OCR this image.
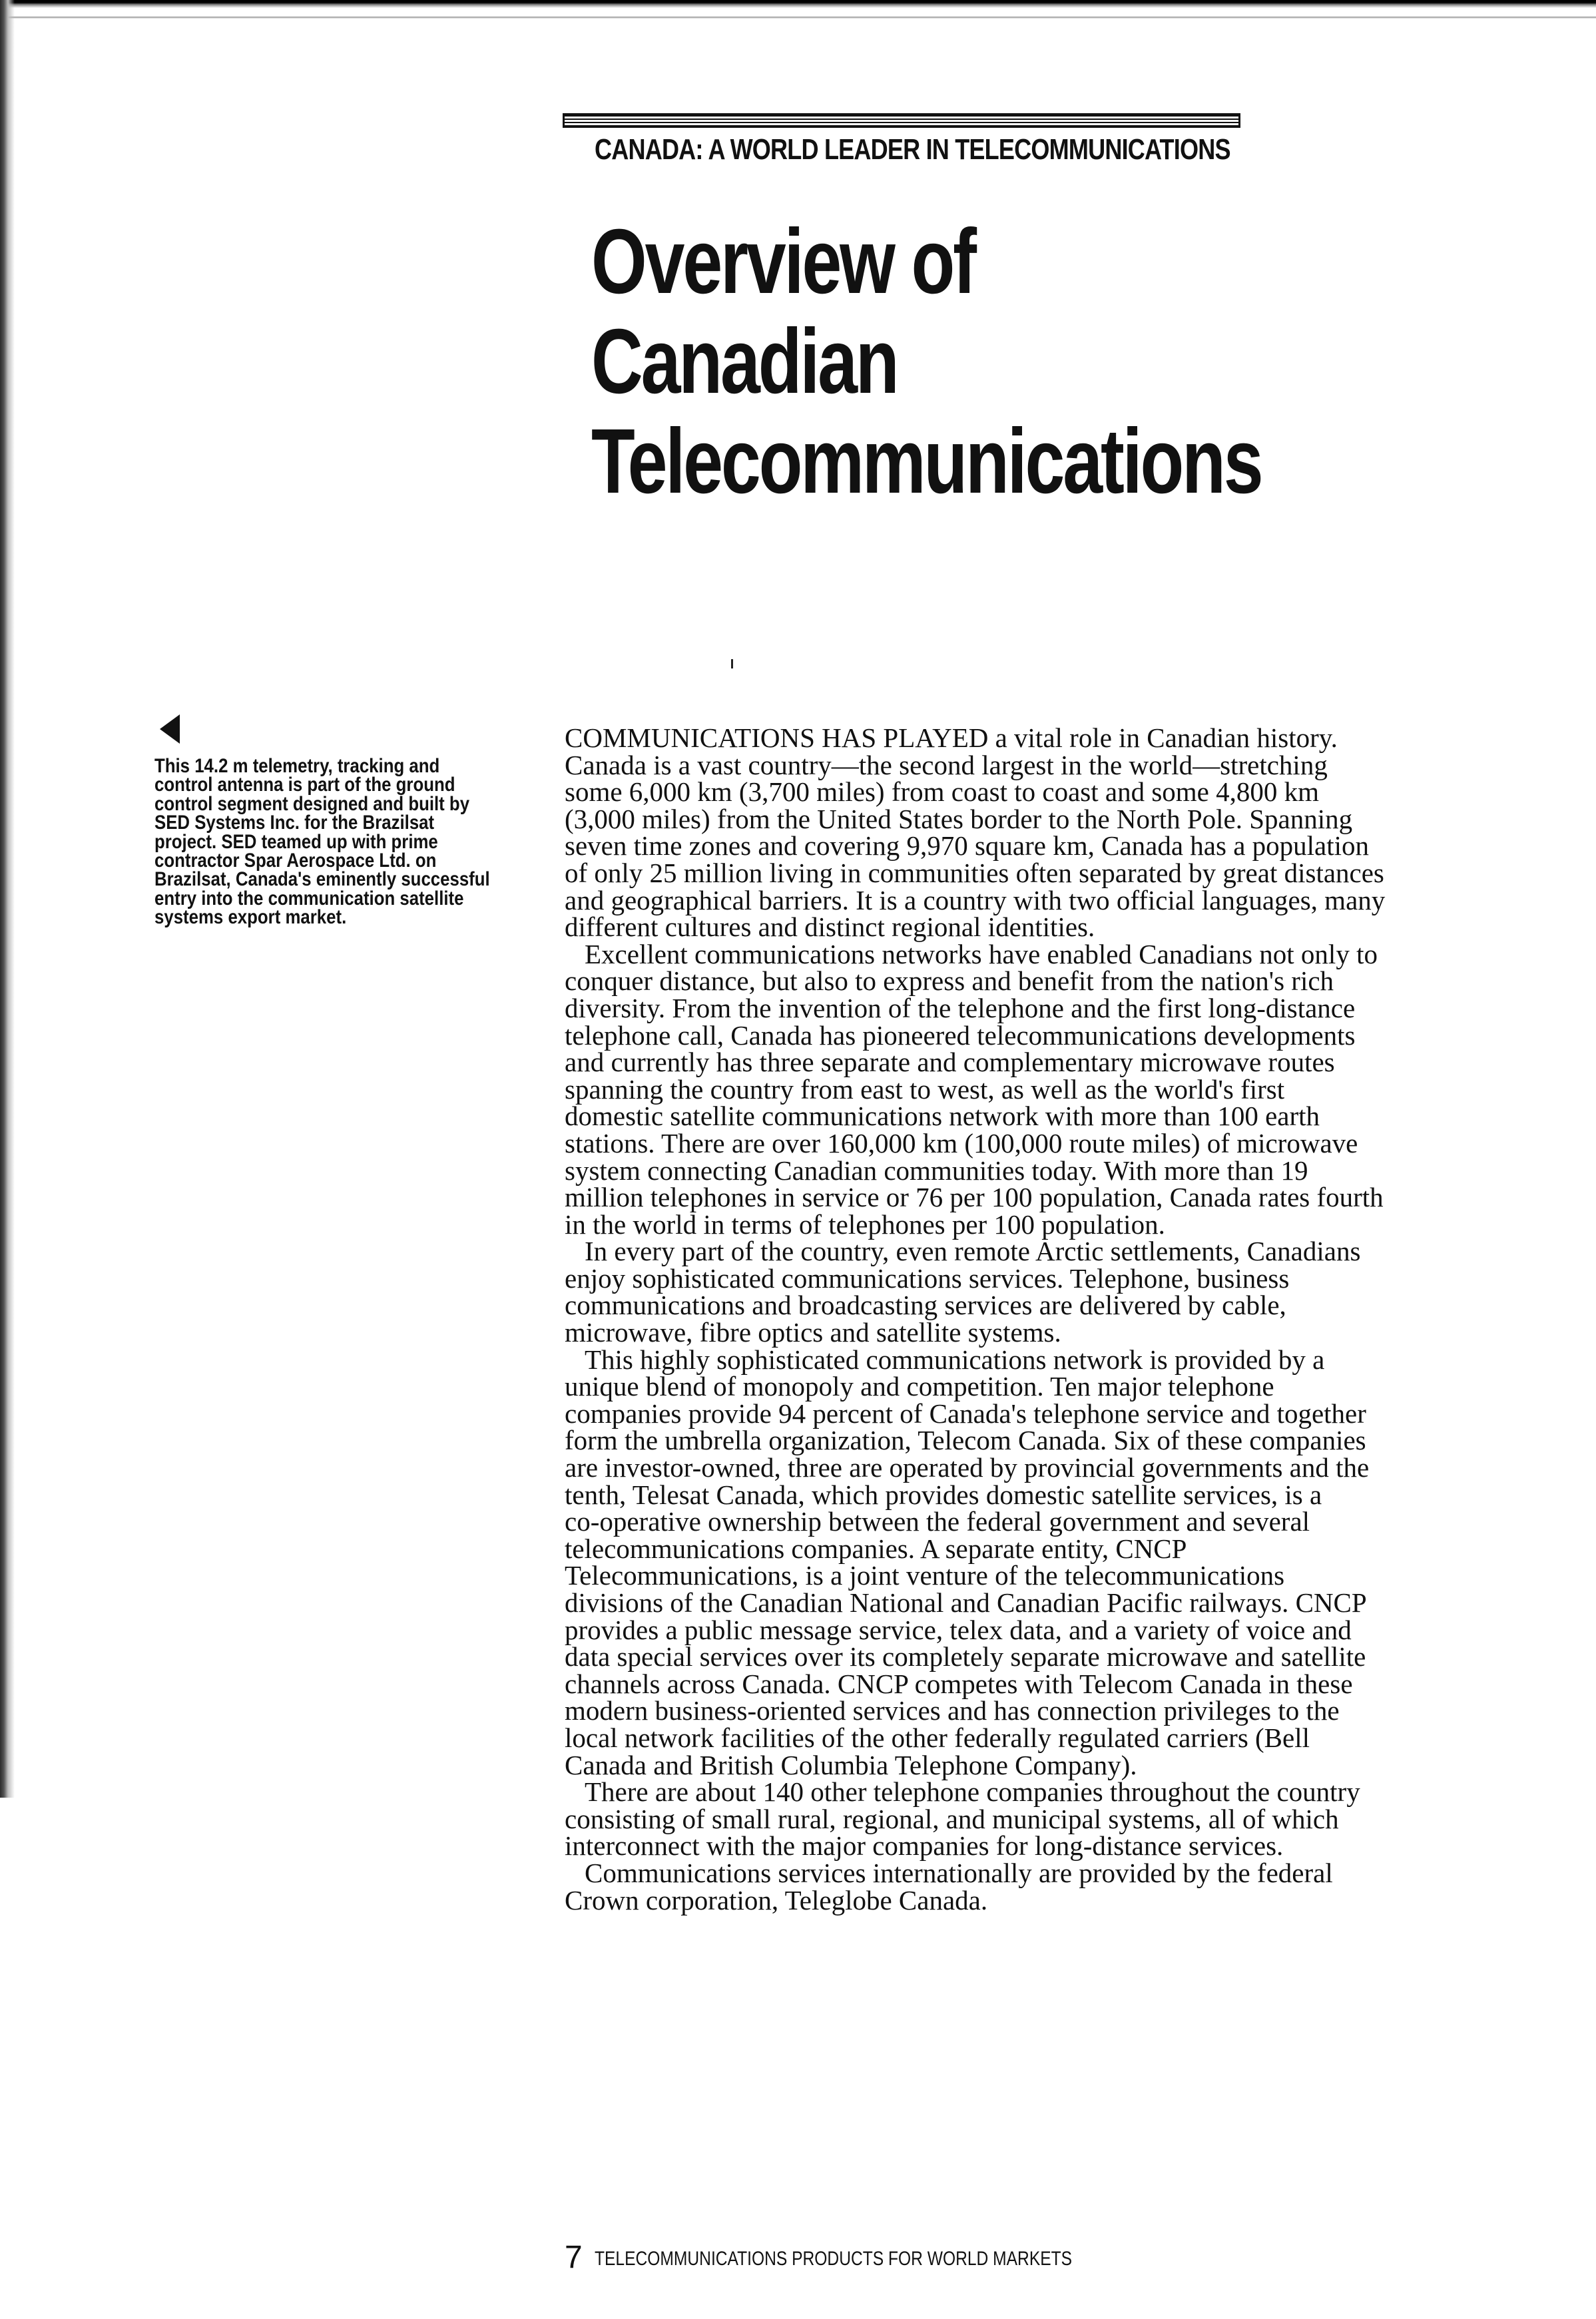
CANADA: A WORLD LEADER IN TELECOMMUNICATIONS
Overview of
Canadian
Telecommunications
This 14.2 m telemetry, tracking and
control antenna is part of the ground
control segment designed and built by
SED Systems Inc. for the Brazilsat
project. SED teamed up with prime
contractor Spar Aerospace Ltd. on
Brazilsat, Canada's eminently successful
entry into the communication satellite
systems export market.
COMMUNICATIONS HAS PLAYED a vital role in Canadian history.
Canada is a vast country—the second largest in the world—stretching
some 6,000 km (3,700 miles) from coast to coast and some 4,800 km
(3,000 miles) from the United States border to the North Pole. Spanning
seven time zones and covering 9,970 square km, Canada has a population
of only 25 million living in communities often separated by great distances
and geographical barriers. It is a country with two official languages, many
different cultures and distinct regional identities.
Excellent communications networks have enabled Canadians not only to
conquer distance, but also to express and benefit from the nation's rich
diversity. From the invention of the telephone and the first long-distance
telephone call, Canada has pioneered telecommunications developments
and currently has three separate and complementary microwave routes
spanning the country from east to west, as well as the world's first
domestic satellite communications network with more than 100 earth
stations. There are over 160,000 km (100,000 route miles) of microwave
system connecting Canadian communities today. With more than 19
million telephones in service or 76 per 100 population, Canada rates fourth
in the world in terms of telephones per 100 population.
In every part of the country, even remote Arctic settlements, Canadians
enjoy sophisticated communications services. Telephone, business
communications and broadcasting services are delivered by cable,
microwave, fibre optics and satellite systems.
This highly sophisticated communications network is provided by a
unique blend of monopoly and competition. Ten major telephone
companies provide 94 percent of Canada's telephone service and together
form the umbrella organization, Telecom Canada. Six of these companies
are investor-owned, three are operated by provincial governments and the
tenth, Telesat Canada, which provides domestic satellite services, is a
co-operative ownership between the federal government and several
telecommunications companies. A separate entity, CNCP
Telecommunications, is a joint venture of the telecommunications
divisions of the Canadian National and Canadian Pacific railways. CNCP
provides a public message service, telex data, and a variety of voice and
data special services over its completely separate microwave and satellite
channels across Canada. CNCP competes with Telecom Canada in these
modern business-oriented services and has connection privileges to the
local network facilities of the other federally regulated carriers (Bell
Canada and British Columbia Telephone Company).
There are about 140 other telephone companies throughout the country
consisting of small rural, regional, and municipal systems, all of which
interconnect with the major companies for long-distance services.
Communications services internationally are provided by the federal
Crown corporation, Teleglobe Canada.
7 TELECOMMUNICATIONS PRODUCTS FOR WORLD MARKETS
